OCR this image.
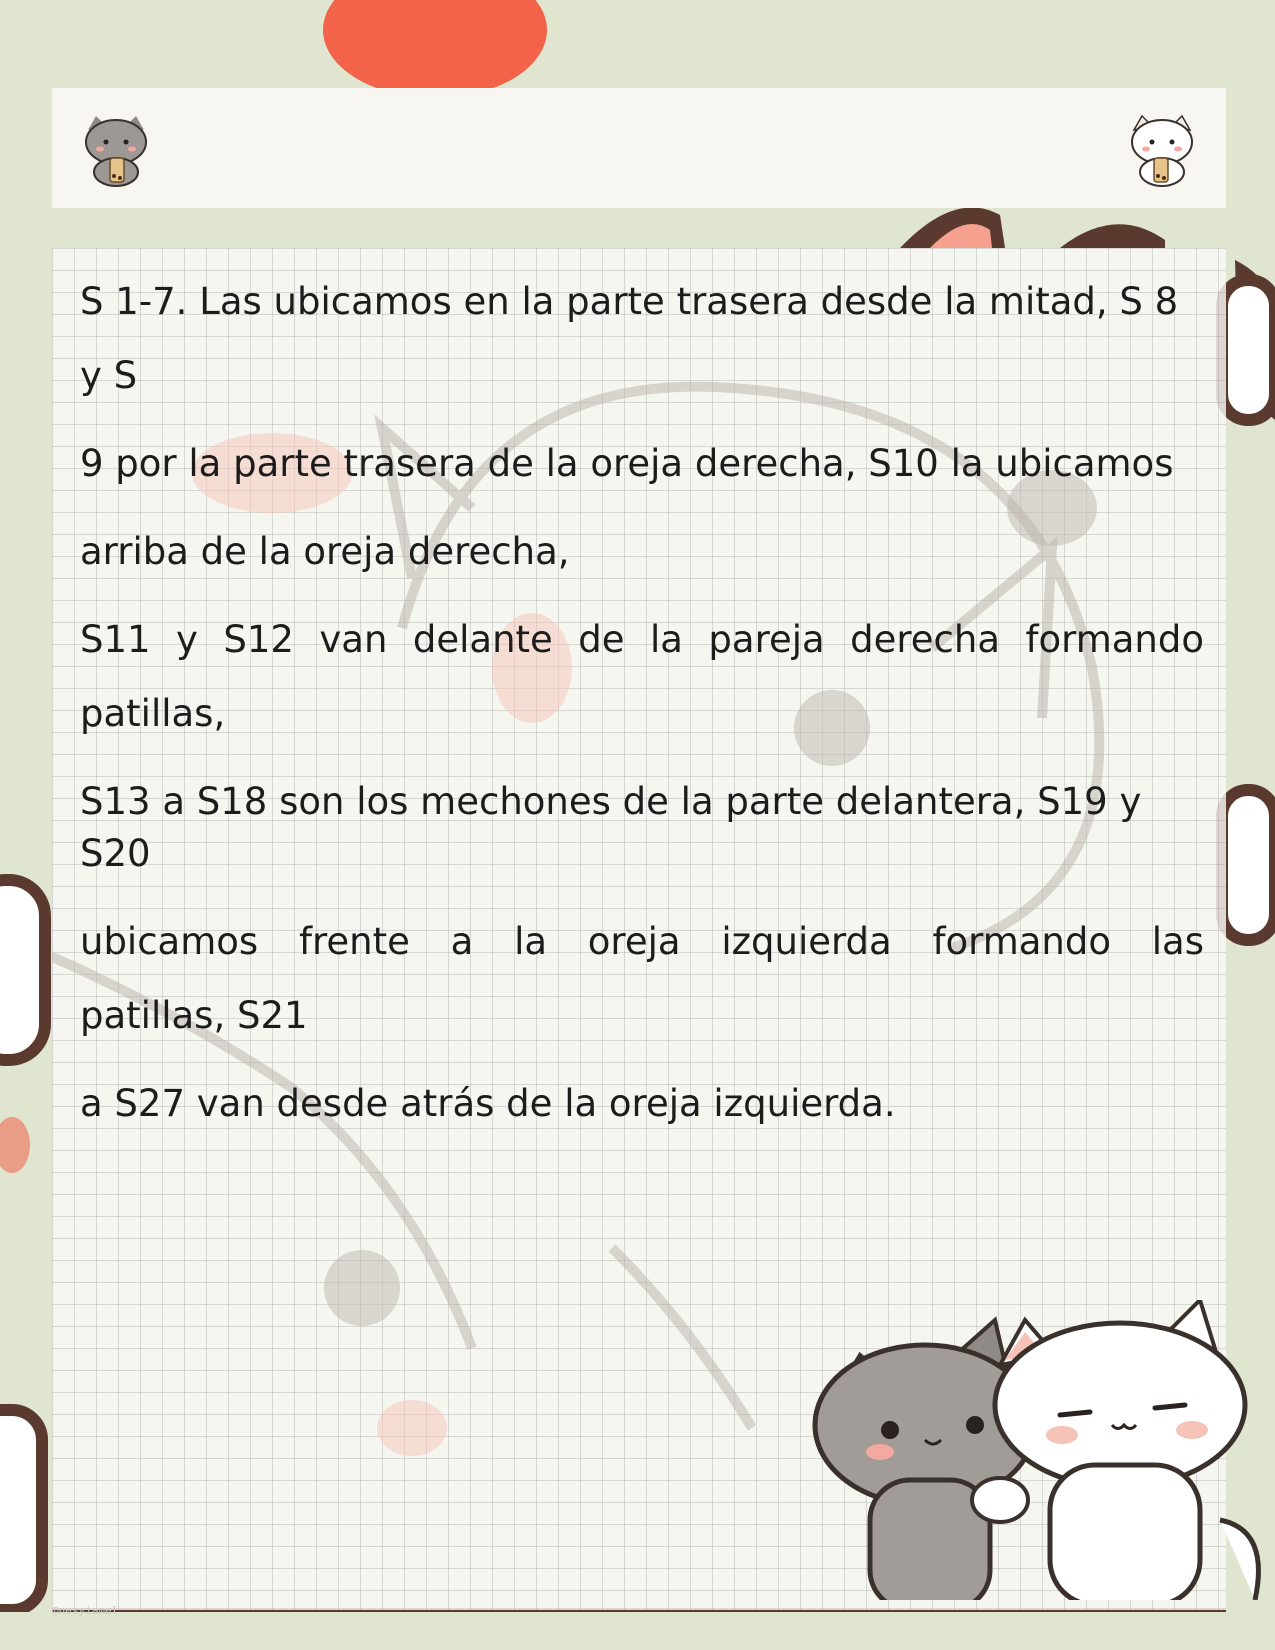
S 1-7. Las ubicamos en la parte trasera desde la mitad, S 8

y S

9 por la parte trasera de la oreja derecha, S10 la ubicamos

arriba de la oreja derecha,

S11 y S12 van delante de la pareja derecha formando

patillas,

S13 a S18 son los mechones de la parte delantera, S19 y S20

ubicamos frente a la oreja izquierda formando las

patillas, S21

a S27 van desde atrás de la oreja izquierda.

@nesyiamel
